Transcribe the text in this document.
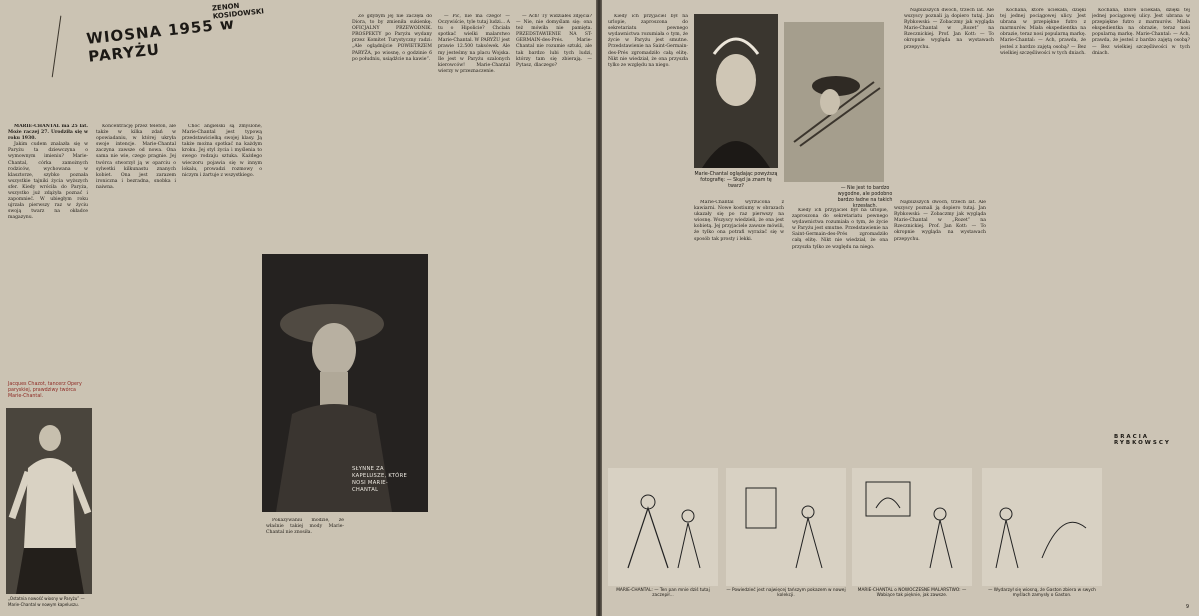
WIOSNA 1955 w PARYŻU
ZENON KOSIDOWSKI

MARIE-CHANTAL ma 25 lat. Może raczej 27. Urodziła się w roku 1930.

Jakim cudem znalazła się w Paryżu ta dziewczyna o wymownym imieniu? Marie-Chantal, córka zamożnych rodziców, wychowana w klasztorze, szybko poznała wszystkie tajniki życia wyższych sfer. Kiedy wróciła do Paryża, wszystko już zdążyła poznać i zapomnieć. W ubiegłym roku ujrzała pierwszy raz w życiu swoją twarz na okładce magazynu.

Jacques Chazot, tancerz Opery paryskiej, prawdziwy twórca Marie-Chantal.
„Ostatnia nowość wiosny w Paryżu” — Marie-Chantal w nowym kapeluszu.

Koncentrację przez telefon, ale także w kilka zdań w opowiadaniu, w której ukryła swoje intencje. Marie-Chantal zaczyna zawsze od nowa. Ona sama nie wie, czego pragnie. Jej twórca stworzył ją w oparciu o sylwetki kilkunastu znanych kobiet. Ona jest zarazem ironiczna i bezradna, snobka i naiwna.

Choć angielski są zmyślone, Marie-Chantal jest typową przedstawicielką swojej klasy. Ją także można spotkać na każdym kroku. Jej styl życia i myślenia to swego rodzaju sztuka. Każdego wieczoru pojawia się w innym lokalu, prowadzi rozmowy o niczym i żartuje z wszystkiego.

SŁYNNE ZA KAPELUSZE, KTÓRE NOSI MARIE-CHANTAL

Pokazywaniu modzie, że właśnie takiej mody Marie-Chantal nie znosiła.

Że gdybym jej nie zaczęła do Diora, to by zmieniła sukienkę. OFICJALNY PRZEWODNIK. PROSPEKTY po Paryżu wydany przez Komitet Turystyczny radzi: „Ale oglądnijcie POWIETRZEM PARYŻA, po wiosnę, o godzinie 6 po południu, usiądźcie na kawie”.

— Pić, nie ma czego! — Oczywiście, tyle tutaj ludzi... A tu o Hipolicie? Chciała spotkać wielki malarstwo Marie-Chantal. W PARYŻU jest prawie 12.500 taksówek. Ale my jesteśmy na placu Wojska. Ile jest w Paryżu szalonych kierowców! Marie-Chantal wierzy w przeznaczenie.

— Ach! Ty widziałeś zdjęcia? — Nie, nie domyślam się: ona też mówiła nie pamięta. PRZEDSTAWIENIE NA ST-GERMAIN-des-Prés. Marie-Chantal nie rozumie sztuki, ale tak bardzo lubi tych ludzi, którzy tam się zbierają. — Pytasz, dlaczego?

Kiedy ich przyjaciel był na urlopie, zaproszona do sekretariatu pewnego wydawnictwa rozumiała o tym, że życie w Paryżu jest smutne. Przedstawienie na Saint-Germain-des-Prés zgromadziło całą elitę. Nikt nie wiedział, że ona przyszła tylko ze względu na niego.

Marie-Chantal oglądając powyższą fotografię: — Skąd ja znam tę twarz?	— Nie jest to bardzo wygodne, ale podobno bardzo ładne na takich krzesłach.

Marie-Chantal wyrzucona z kawiarni. Nowe kostiumy w obrazach ukazały się po raz pierwszy na wiosnę. Wszyscy wiedzieli, że ona jest kobietą. Jej przyjaciele zawsze mówili, że tylko ona potrafi wyrażać się w sposób tak prosty i lekki.

Kiedy ich przyjaciel był na urlopie, zaproszona do sekretariatu pewnego wydawnictwa rozumiała o tym, że życie w Paryżu jest smutne. Przedstawienie na Saint-Germain-des-Prés zgromadziło całą elitę. Nikt nie wiedział, że ona przyszła tylko ze względu na niego.

Najbliższych dwóch, trzech lat. Ale wszyscy poznali ją dopiero tutaj. Jan Rybkowski: — Zobaczmy jak wygląda Marie-Chantal w „Rozet” na Rzecznickiej. Prof. Jan Kott: — To okropnie wygląda na wystawach przepychu.

Najbliższych dwóch, trzech lat. Ale wszyscy poznali ją dopiero tutaj. Jan Rybkowski: — Zobaczmy jak wygląda Marie-Chantal w „Rozet” na Rzecznickiej. Prof. Jan Kott: — To okropnie wygląda na wystawach przepychu.

Kochana, które uciekała, dzięki tej jednej pociągowej ulicy. Jest ubrana w przepiękne futro z marmurów. Miała ekspedientka na obrazie, teraz nosi popularną markę. Marie-Chantal: — Ach, prawda, że jesteś z bardzo zajętą osobą? — Bez wielkiej szczęśliwości w tych dniach.

Kochana, które uciekała, dzięki tej jednej pociągowej ulicy. Jest ubrana w przepiękne futro z marmurów. Miała ekspedientka na obrazie, teraz nosi popularną markę. Marie-Chantal: — Ach, prawda, że jesteś z bardzo zajętą osobą? — Bez wielkiej szczęśliwości w tych dniach.

BRACIA RYBKOWSCY
MARIE-CHANTAL: — Ten pan mnie dziś tutaj zaczepił...
— Powiedzieć jest najwięcej tańszym pokazem w nowej kolekcji.
MARIE-CHANTAL o NOWOCZESNE MALARSTWO: — Wabiące tak pięknie, jak zawsze.
— Wydarzył się wiosną, że Gaston zbiera w swych myślach zamysły o Gaston.
9
